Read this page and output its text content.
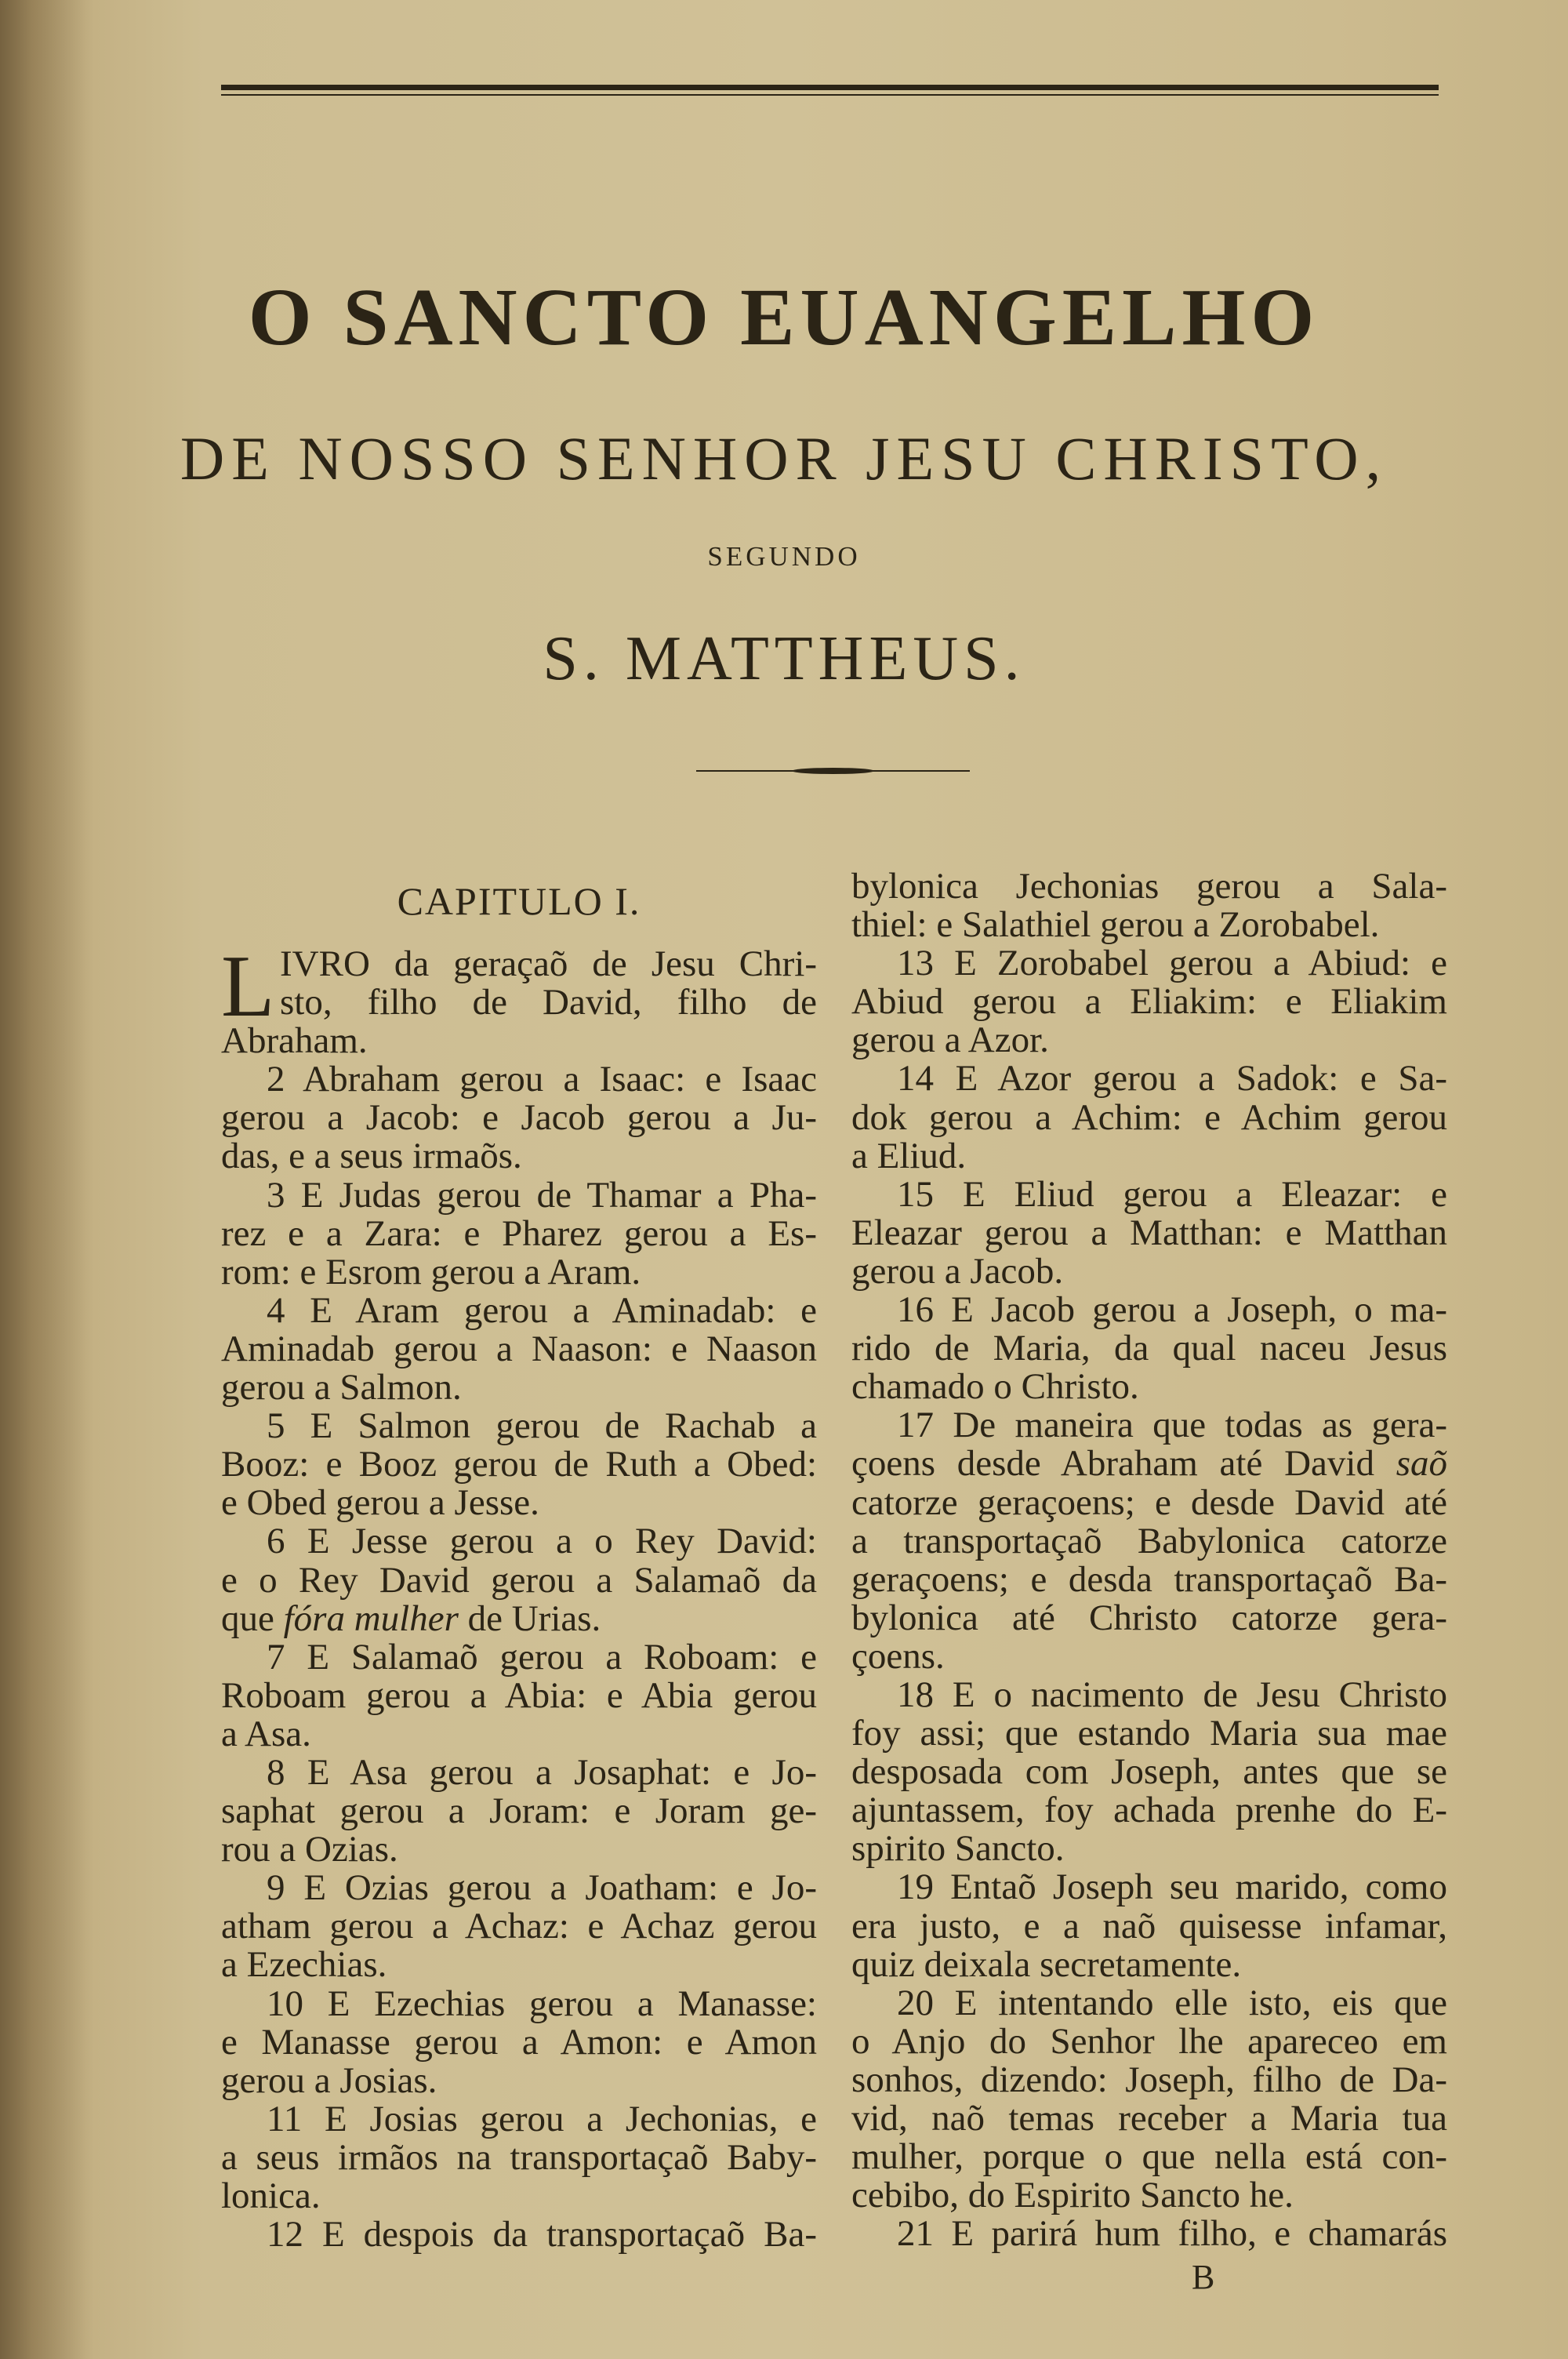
O SANCTO EUANGELHO
DE NOSSO SENHOR JESU CHRISTO,
SEGUNDO
S. MATTHEUS.
CAPITULO I.
L IVRO da geraçaõ de Jesu Chri-
sto, filho de David, filho de
Abraham.
2 Abraham gerou a Isaac: e Isaac
gerou a Jacob: e Jacob gerou a Ju-
das, e a seus irmaõs.
3 E Judas gerou de Thamar a Pha-
rez e a Zara: e Pharez gerou a Es-
rom: e Esrom gerou a Aram.
4 E Aram gerou a Aminadab: e
Aminadab gerou a Naason: e Naason
gerou a Salmon.
5 E Salmon gerou de Rachab a
Booz: e Booz gerou de Ruth a Obed:
e Obed gerou a Jesse.
6 E Jesse gerou a o Rey David:
e o Rey David gerou a Salamaõ da
que fóra mulher de Urias.
7 E Salamaõ gerou a Roboam: e
Roboam gerou a Abia: e Abia gerou
a Asa.
8 E Asa gerou a Josaphat: e Jo-
saphat gerou a Joram: e Joram ge-
rou a Ozias.
9 E Ozias gerou a Joatham: e Jo-
atham gerou a Achaz: e Achaz gerou
a Ezechias.
10 E Ezechias gerou a Manasse:
e Manasse gerou a Amon: e Amon
gerou a Josias.
11 E Josias gerou a Jechonias, e
a seus irmãos na transportaçaõ Baby-
lonica.
12 E despois da transportaçaõ Ba-
bylonica Jechonias gerou a Sala-
thiel: e Salathiel gerou a Zorobabel.
13 E Zorobabel gerou a Abiud: e
Abiud gerou a Eliakim: e Eliakim
gerou a Azor.
14 E Azor gerou a Sadok: e Sa-
dok gerou a Achim: e Achim gerou
a Eliud.
15 E Eliud gerou a Eleazar: e
Eleazar gerou a Matthan: e Matthan
gerou a Jacob.
16 E Jacob gerou a Joseph, o ma-
rido de Maria, da qual naceu Jesus
chamado o Christo.
17 De maneira que todas as gera-
çoens desde Abraham até David saõ
catorze geraçoens; e desde David até
a transportaçaõ Babylonica catorze
geraçoens; e desda transportaçaõ Ba-
bylonica até Christo catorze gera-
çoens.
18 E o nacimento de Jesu Christo
foy assi; que estando Maria sua mae
desposada com Joseph, antes que se
ajuntassem, foy achada prenhe do E-
spirito Sancto.
19 Entaõ Joseph seu marido, como
era justo, e a naõ quisesse infamar,
quiz deixala secretamente.
20 E intentando elle isto, eis que
o Anjo do Senhor lhe apareceo em
sonhos, dizendo: Joseph, filho de Da-
vid, naõ temas receber a Maria tua
mulher, porque o que nella está con-
cebibo, do Espirito Sancto he.
21 E parirá hum filho, e chamarás
B
